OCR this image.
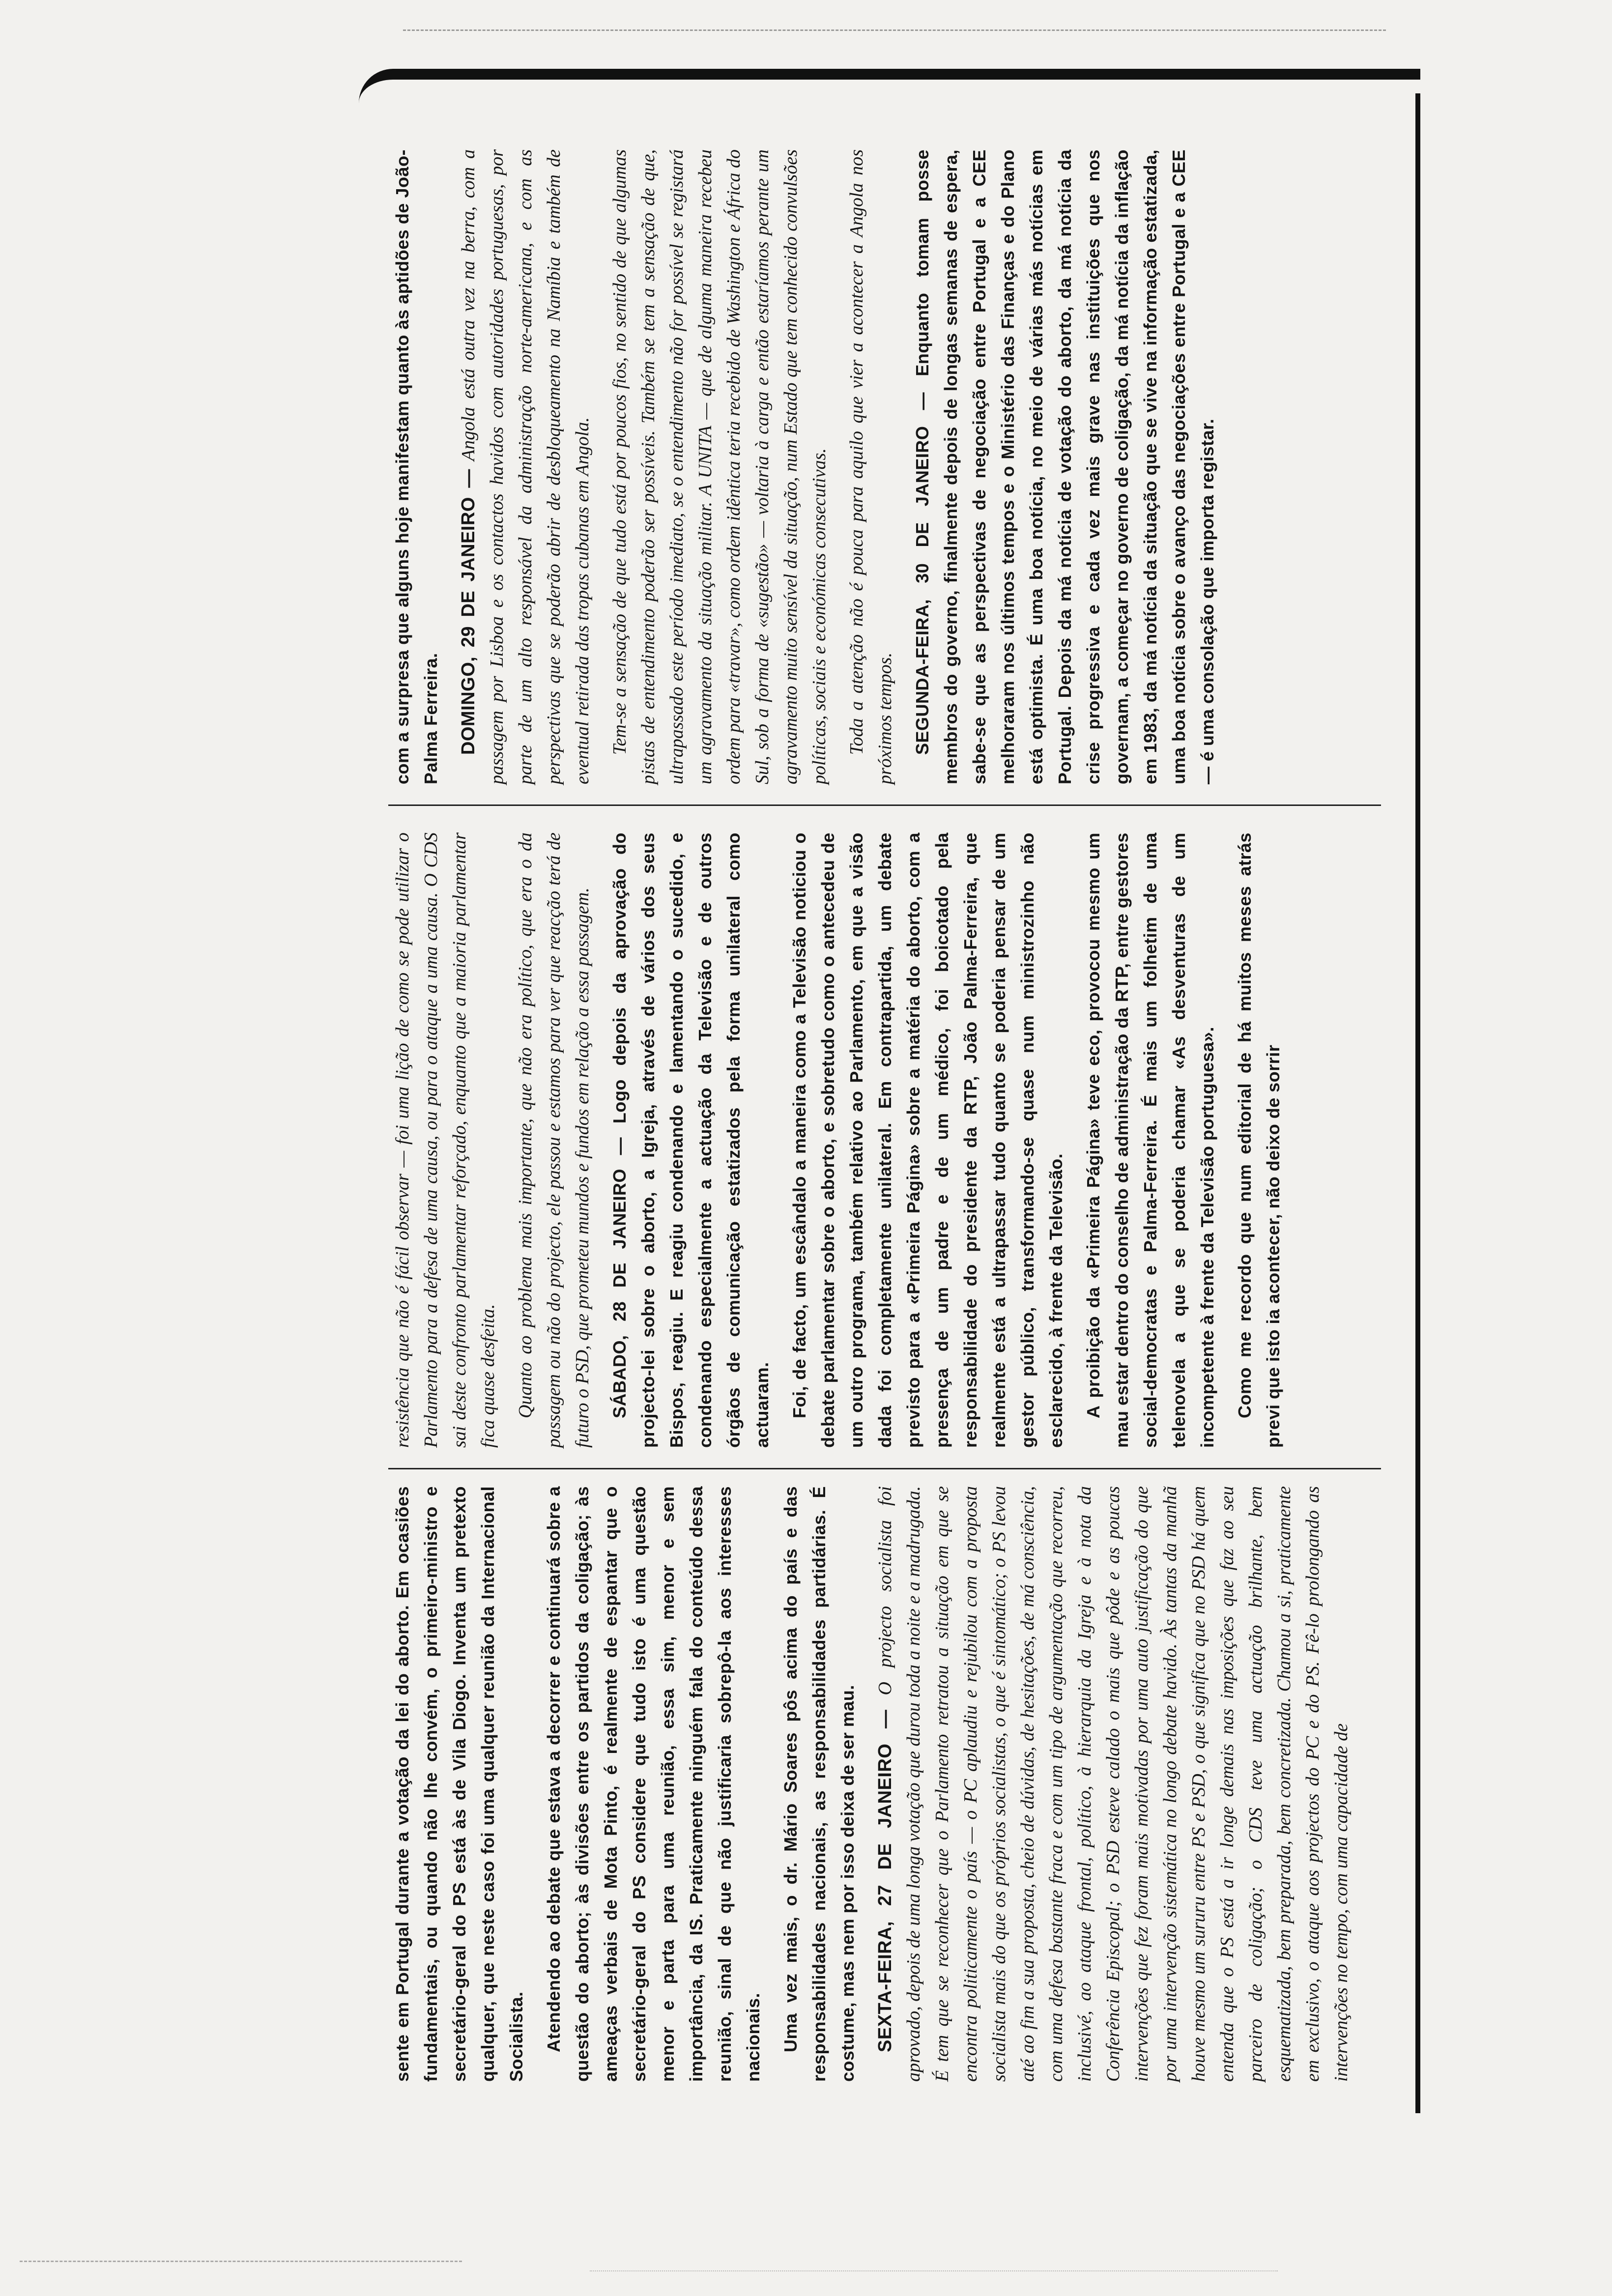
sente em Portugal durante a votação da lei do aborto. Em ocasiões fundamentais, ou quando não lhe convém, o primeiro-ministro e secretário-geral do PS está às de Vila Diogo. Inventa um pretexto qualquer, que neste caso foi uma qualquer reunião da Internacional Socialista. Atendendo ao debate que estava a decorrer e continuará sobre a questão do aborto; às divisões entre os partidos da coligação; às ameaças verbais de Mota Pinto, é realmente de espantar que o secretário-geral do PS considere que tudo isto é uma questão menor e parta para uma reunião, essa sim, menor e sem importância, da IS. Praticamente ninguém fala do conteúdo dessa reunião, sinal de que não justificaria sobrepô-la aos interesses nacionais. Uma vez mais, o dr. Mário Soares pôs acima do país e das responsabilidades nacionais, as responsabilidades partidárias. É costume, mas nem por isso deixa de ser mau. SEXTA-FEIRA, 27 DE JANEIRO — O projecto socialista foi aprovado, depois de uma longa votação que durou toda a noite e a madrugada. É tem que se reconhecer que o Parlamento retratou a situação em que se encontra politicamente o país — o PC aplaudiu e rejubilou com a proposta socialista mais do que os próprios socialistas, o que é sintomático; o PS levou até ao fim a sua proposta, cheio de dúvidas, de hesitações, de má consciência, com uma defesa bastante fraca e com um tipo de argumentação que recorreu, inclusivé, ao ataque frontal, político, à hierarquia da Igreja e à nota da Conferência Episcopal; o PSD esteve calado o mais que pôde e as poucas intervenções que fez foram mais motivadas por uma auto justificação do que por uma intervenção sistemática no longo debate havido. Às tantas da manhã houve mesmo um sururu entre PS e PSD, o que significa que no PSD há quem entenda que o PS está a ir longe demais nas imposições que faz ao seu parceiro de coligação; o CDS teve uma actuação brilhante, bem esquematizada, bem preparada, bem concretizada. Chamou a si, praticamente em exclusivo, o ataque aos projectos do PC e do PS. Fê-lo prolongando as intervenções no tempo, com uma capacidade de

resistência que não é fácil observar — foi uma lição de como se pode utilizar o Parlamento para a defesa de uma causa, ou para o ataque a uma causa. O CDS sai deste confronto parlamentar reforçado, enquanto que a maioria parlamentar fica quase desfeita. Quanto ao problema mais importante, que não era político, que era o da passagem ou não do projecto, ele passou e estamos para ver que reacção terá de futuro o PSD, que prometeu mundos e fundos em relação a essa passagem. SÁBADO, 28 DE JANEIRO — Logo depois da aprovação do projecto-lei sobre o aborto, a Igreja, através de vários dos seus Bispos, reagiu. E reagiu condenando e lamentando o sucedido, e condenando especialmente a actuação da Televisão e de outros órgãos de comunicação estatizados pela forma unilateral como actuaram. Foi, de facto, um escândalo a maneira como a Televisão noticiou o debate parlamentar sobre o aborto, e sobretudo como o antecedeu de um outro programa, também relativo ao Parlamento, em que a visão dada foi completamente unilateral. Em contrapartida, um debate previsto para a «Primeira Página» sobre a matéria do aborto, com a presença de um padre e de um médico, foi boicotado pela responsabilidade do presidente da RTP, João Palma-Ferreira, que realmente está a ultrapassar tudo quanto se poderia pensar de um gestor público, transformando-se quase num ministrozinho não esclarecido, à frente da Televisão. A proibição da «Primeira Página» teve eco, provocou mesmo um mau estar dentro do conselho de administração da RTP, entre gestores social-democratas e Palma-Ferreira. É mais um folhetim de uma telenovela a que se poderia chamar «As desventuras de um incompetente à frente da Televisão portuguesa». Como me recordo que num editorial de há muitos meses atrás previ que isto ia acontecer, não deixo de sorrir

com a surpresa que alguns hoje manifestam quanto às aptidões de João-Palma Ferreira. DOMINGO, 29 DE JANEIRO — Angola está outra vez na berra, com a passagem por Lisboa e os contactos havidos com autoridades portuguesas, por parte de um alto responsável da administração norte-americana, e com as perspectivas que se poderão abrir de desbloqueamento na Namíbia e também de eventual retirada das tropas cubanas em Angola. Tem-se a sensação de que tudo está por poucos fios, no sentido de que algumas pistas de entendimento poderão ser possíveis. Também se tem a sensação de que, ultrapassado este período imediato, se o entendimento não for possível se registará um agravamento da situação militar. A UNITA — que de alguma maneira recebeu ordem para «travar», como ordem idêntica teria recebido de Washington e África do Sul, sob a forma de «sugestão» — voltaria à carga e então estaríamos perante um agravamento muito sensível da situação, num Estado que tem conhecido convulsões políticas, sociais e económicas consecutivas. Toda a atenção não é pouca para aquilo que vier a acontecer a Angola nos próximos tempos. SEGUNDA-FEIRA, 30 DE JANEIRO — Enquanto tomam posse membros do governo, finalmente depois de longas semanas de espera, sabe-se que as perspectivas de negociação entre Portugal e a CEE melhoraram nos últimos tempos e o Ministério das Finanças e do Plano está optimista. É uma boa notícia, no meio de várias más notícias em Portugal. Depois da má notícia de votação do aborto, da má notícia da crise progressiva e cada vez mais grave nas instituições que nos governam, a começar no governo de coligação, da má notícia da inflação em 1983, da má notícia da situação que se vive na informação estatizada, uma boa notícia sobre o avanço das negociações entre Portugal e a CEE — é uma consolação que importa registar.
